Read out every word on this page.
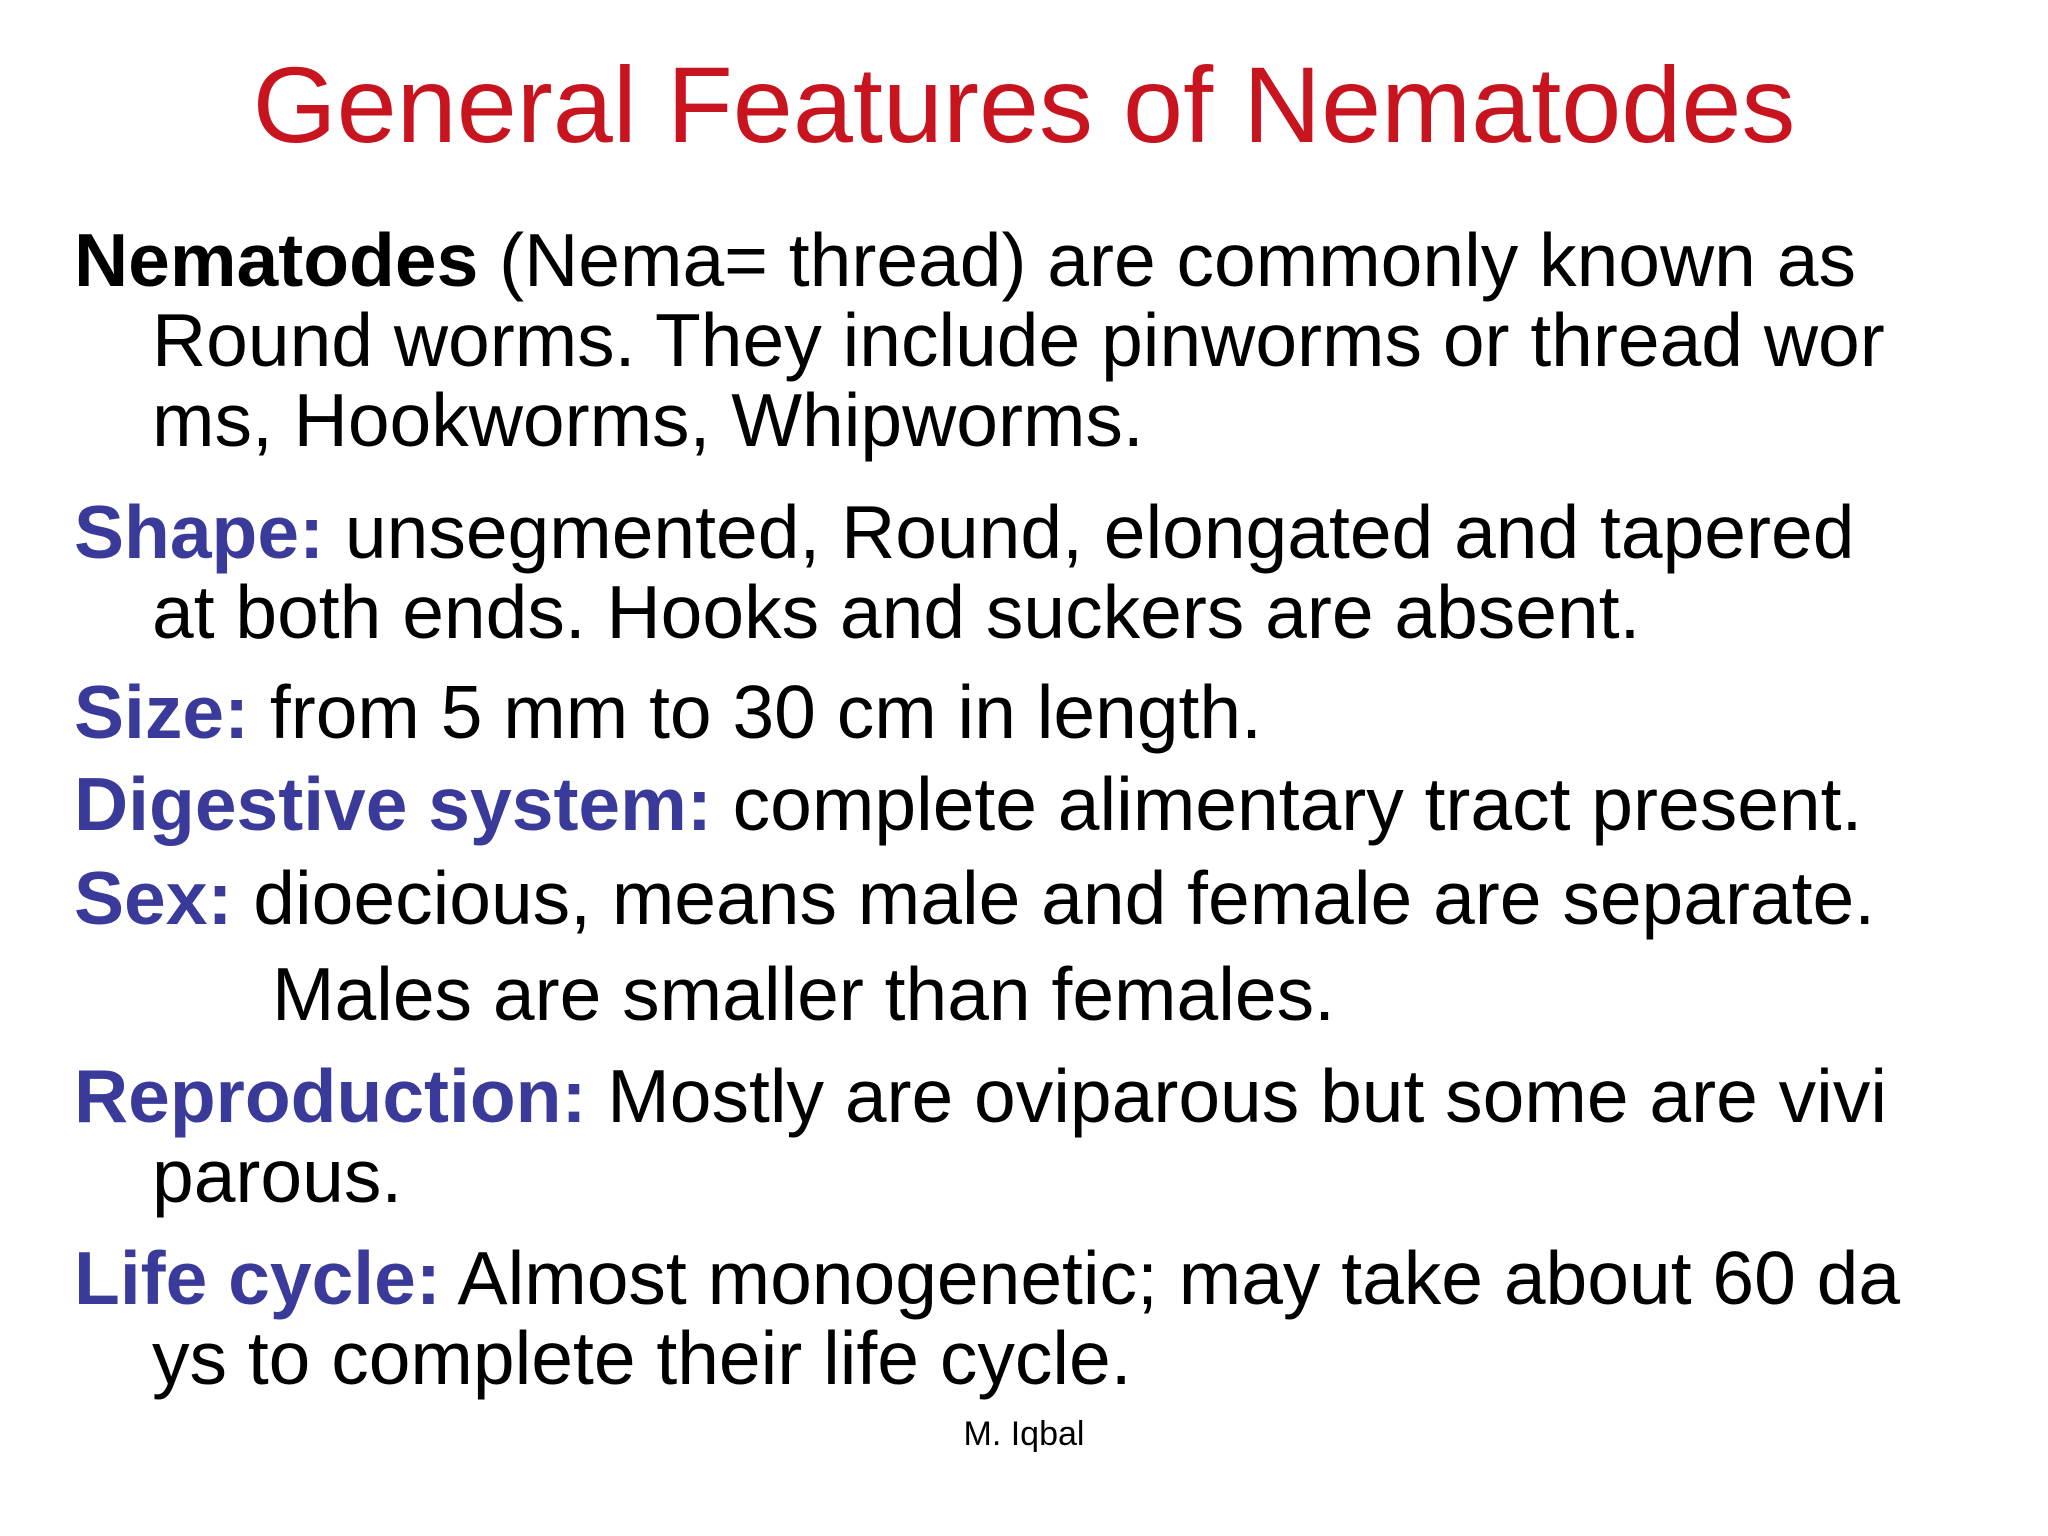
General Features of Nematodes

Nematodes (Nema= thread) are commonly known as
Round worms. They include pinworms or thread wor
ms, Hookworms, Whipworms.

Shape: unsegmented, Round, elongated and tapered
at both ends. Hooks and suckers are absent.

Size: from 5 mm to 30 cm in length.

Digestive system: complete alimentary tract present.

Sex: dioecious, means male and female are separate.

Males are smaller than females.

Reproduction: Mostly are oviparous but some are vivi
parous.

Life cycle: Almost monogenetic; may take about 60 da
ys to complete their life cycle.

M. Iqbal
